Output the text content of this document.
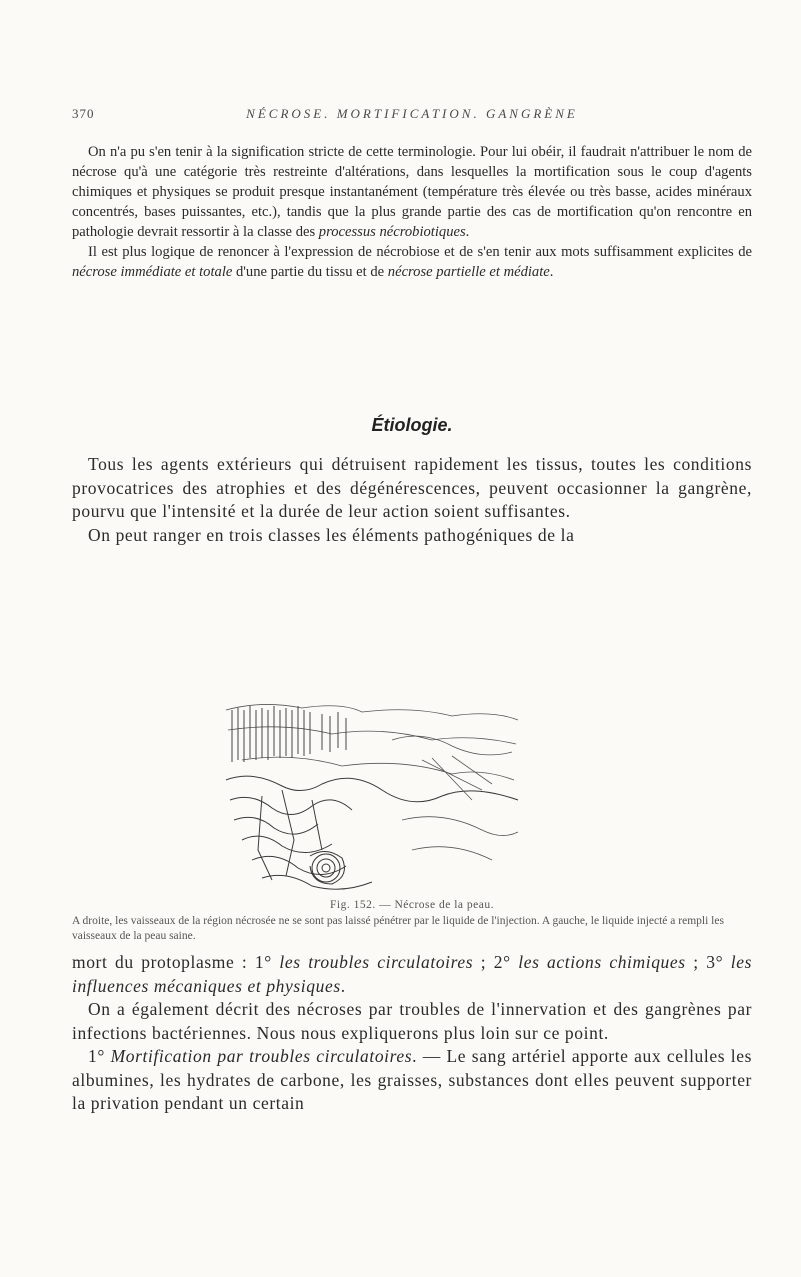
370	NÉCROSE. MORTIFICATION. GANGRÈNE

On n'a pu s'en tenir à la signification stricte de cette terminologie. Pour lui obéir, il faudrait n'attribuer le nom de nécrose qu'à une catégorie très restreinte d'altérations, dans lesquelles la mortification sous le coup d'agents chimiques et physiques se produit presque instantanément (température très élevée ou très basse, acides minéraux concentrés, bases puissantes, etc.), tandis que la plus grande partie des cas de mortification qu'on rencontre en pathologie devrait ressortir à la classe des processus nécrobiotiques.

Il est plus logique de renoncer à l'expression de nécrobiose et de s'en tenir aux mots suffisamment explicites de nécrose immédiate et totale d'une partie du tissu et de nécrose partielle et médiate.

Étiologie.

Tous les agents extérieurs qui détruisent rapidement les tissus, toutes les conditions provocatrices des atrophies et des dégénérescences, peuvent occasionner la gangrène, pourvu que l'intensité et la durée de leur action soient suffisantes.

On peut ranger en trois classes les éléments pathogéniques de la

Fig. 152. — Nécrose de la peau.
A droite, les vaisseaux de la région nécrosée ne se sont pas laissé pénétrer par le liquide de l'injection. A gauche, le liquide injecté a rempli les vaisseaux de la peau saine.

mort du protoplasme : 1° les troubles circulatoires ; 2° les actions chimiques ; 3° les influences mécaniques et physiques.

On a également décrit des nécroses par troubles de l'innervation et des gangrènes par infections bactériennes. Nous nous expliquerons plus loin sur ce point.

1° Mortification par troubles circulatoires. — Le sang artériel apporte aux cellules les albumines, les hydrates de carbone, les graisses, substances dont elles peuvent supporter la privation pendant un certain
